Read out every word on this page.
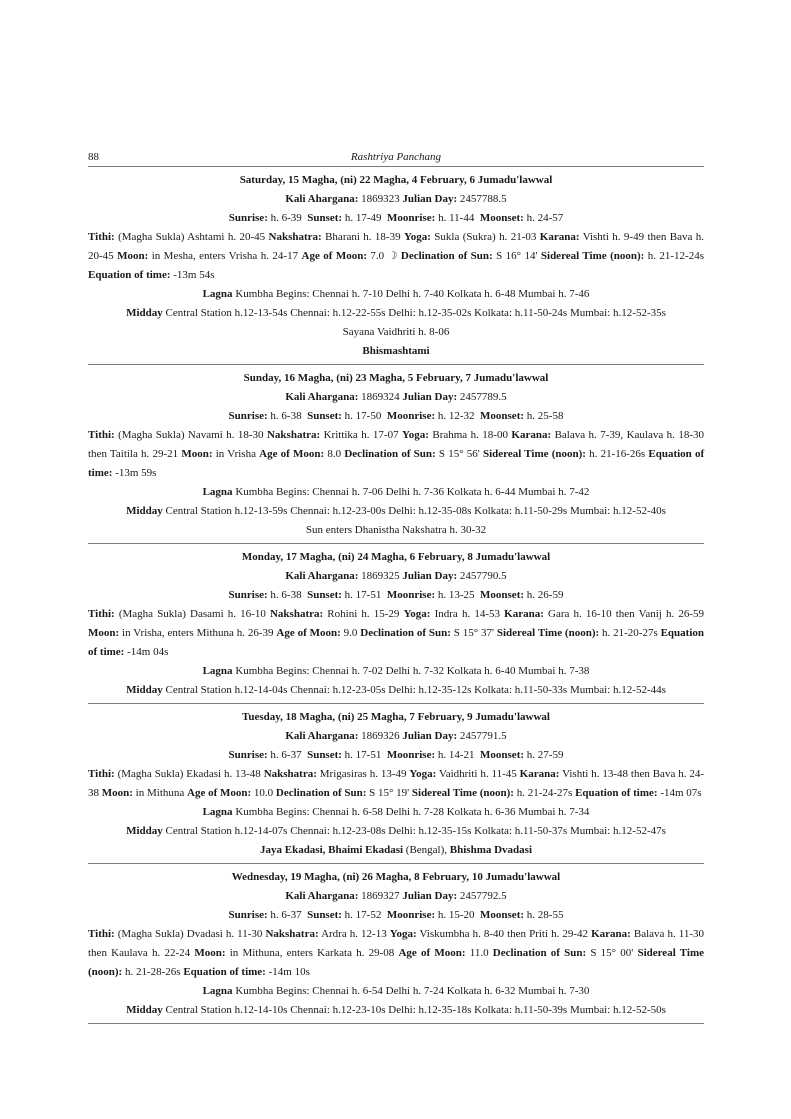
88	Rashtriya Panchang
Saturday, 15 Magha, (ni) 22 Magha, 4 February, 6 Jumadu'lawwal
Kali Ahargana: 1869323 Julian Day: 2457788.5
Sunrise: h. 6-39 Sunset: h. 17-49 Moonrise: h. 11-44 Moonset: h. 24-57
Tithi: (Magha Sukla) Ashtami h. 20-45 Nakshatra: Bharani h. 18-39 Yoga: Sukla (Sukra) h. 21-03 Karana: Vishti h. 9-49 then Bava h. 20-45 Moon: in Mesha, enters Vrisha h. 24-17 Age of Moon: 7.0 ☽ Declination of Sun: S 16° 14' Sidereal Time (noon): h. 21-12-24s Equation of time: -13m 54s
Lagna Kumbha Begins: Chennai h. 7-10 Delhi h. 7-40 Kolkata h. 6-48 Mumbai h. 7-46
Midday Central Station h.12-13-54s Chennai: h.12-22-55s Delhi: h.12-35-02s Kolkata: h.11-50-24s Mumbai: h.12-52-35s
Sayana Vaidhriti h. 8-06
Bhismashtami
Sunday, 16 Magha, (ni) 23 Magha, 5 February, 7 Jumadu'lawwal
Kali Ahargana: 1869324 Julian Day: 2457789.5
Sunrise: h. 6-38 Sunset: h. 17-50 Moonrise: h. 12-32 Moonset: h. 25-58
Tithi: (Magha Sukla) Navami h. 18-30 Nakshatra: Krittika h. 17-07 Yoga: Brahma h. 18-00 Karana: Balava h. 7-39, Kaulava h. 18-30 then Taitila h. 29-21 Moon: in Vrisha Age of Moon: 8.0 Declination of Sun: S 15° 56' Sidereal Time (noon): h. 21-16-26s Equation of time: -13m 59s
Lagna Kumbha Begins: Chennai h. 7-06 Delhi h. 7-36 Kolkata h. 6-44 Mumbai h. 7-42
Midday Central Station h.12-13-59s Chennai: h.12-23-00s Delhi: h.12-35-08s Kolkata: h.11-50-29s Mumbai: h.12-52-40s
Sun enters Dhanistha Nakshatra h. 30-32
Monday, 17 Magha, (ni) 24 Magha, 6 February, 8 Jumadu'lawwal
Kali Ahargana: 1869325 Julian Day: 2457790.5
Sunrise: h. 6-38 Sunset: h. 17-51 Moonrise: h. 13-25 Moonset: h. 26-59
Tithi: (Magha Sukla) Dasami h. 16-10 Nakshatra: Rohini h. 15-29 Yoga: Indra h. 14-53 Karana: Gara h. 16-10 then Vanij h. 26-59 Moon: in Vrisha, enters Mithuna h. 26-39 Age of Moon: 9.0 Declination of Sun: S 15° 37' Sidereal Time (noon): h. 21-20-27s Equation of time: -14m 04s
Lagna Kumbha Begins: Chennai h. 7-02 Delhi h. 7-32 Kolkata h. 6-40 Mumbai h. 7-38
Midday Central Station h.12-14-04s Chennai: h.12-23-05s Delhi: h.12-35-12s Kolkata: h.11-50-33s Mumbai: h.12-52-44s
Tuesday, 18 Magha, (ni) 25 Magha, 7 February, 9 Jumadu'lawwal
Kali Ahargana: 1869326 Julian Day: 2457791.5
Sunrise: h. 6-37 Sunset: h. 17-51 Moonrise: h. 14-21 Moonset: h. 27-59
Tithi: (Magha Sukla) Ekadasi h. 13-48 Nakshatra: Mrigasiras h. 13-49 Yoga: Vaidhriti h. 11-45 Karana: Vishti h. 13-48 then Bava h. 24-38 Moon: in Mithuna Age of Moon: 10.0 Declination of Sun: S 15° 19' Sidereal Time (noon): h. 21-24-27s Equation of time: -14m 07s
Lagna Kumbha Begins: Chennai h. 6-58 Delhi h. 7-28 Kolkata h. 6-36 Mumbai h. 7-34
Midday Central Station h.12-14-07s Chennai: h.12-23-08s Delhi: h.12-35-15s Kolkata: h.11-50-37s Mumbai: h.12-52-47s
Jaya Ekadasi, Bhaimi Ekadasi (Bengal), Bhishma Dvadasi
Wednesday, 19 Magha, (ni) 26 Magha, 8 February, 10 Jumadu'lawwal
Kali Ahargana: 1869327 Julian Day: 2457792.5
Sunrise: h. 6-37 Sunset: h. 17-52 Moonrise: h. 15-20 Moonset: h. 28-55
Tithi: (Magha Sukla) Dvadasi h. 11-30 Nakshatra: Ardra h. 12-13 Yoga: Viskumbha h. 8-40 then Priti h. 29-42 Karana: Balava h. 11-30 then Kaulava h. 22-24 Moon: in Mithuna, enters Karkata h. 29-08 Age of Moon: 11.0 Declination of Sun: S 15° 00' Sidereal Time (noon): h. 21-28-26s Equation of time: -14m 10s
Lagna Kumbha Begins: Chennai h. 6-54 Delhi h. 7-24 Kolkata h. 6-32 Mumbai h. 7-30
Midday Central Station h.12-14-10s Chennai: h.12-23-10s Delhi: h.12-35-18s Kolkata: h.11-50-39s Mumbai: h.12-52-50s
